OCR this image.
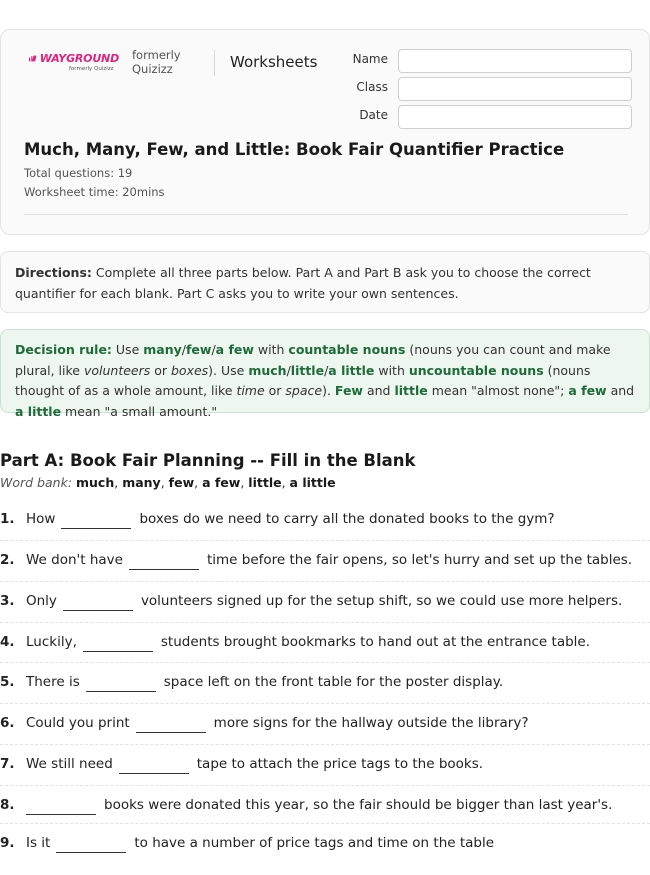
WAYGROUND
formerly Quizizz
formerly
Quizizz	Worksheets	Name
Class
Date
Much, Many, Few, and Little: Book Fair Quantifier Practice
Total questions: 19
Worksheet time: 20mins
Directions: Complete all three parts below. Part A and Part B ask you to choose the correct quantifier for each blank. Part C asks you to write your own sentences.
Decision rule: Use many/few/a few with countable nouns (nouns you can count and make plural, like volunteers or boxes). Use much/little/a little with uncountable nouns (nouns thought of as a whole amount, like time or space). Few and little mean "almost none"; a few and a little mean "a small amount."
Part A: Book Fair Planning -- Fill in the Blank
Word bank: much, many, few, a few, little, a little
1. How	boxes do we need to carry all the donated books to the gym?
2. We don't have	time before the fair opens, so let's hurry and set up the tables.
3. Only	volunteers signed up for the setup shift, so we could use more helpers.
4. Luckily,	students brought bookmarks to hand out at the entrance table.
5. There is	space left on the front table for the poster display.
6. Could you print	more signs for the hallway outside the library?
7. We still need	tape to attach the price tags to the books.
8.	books were donated this year, so the fair should be bigger than last year's.
9. Is it	to have a number of price tags and time on the table
